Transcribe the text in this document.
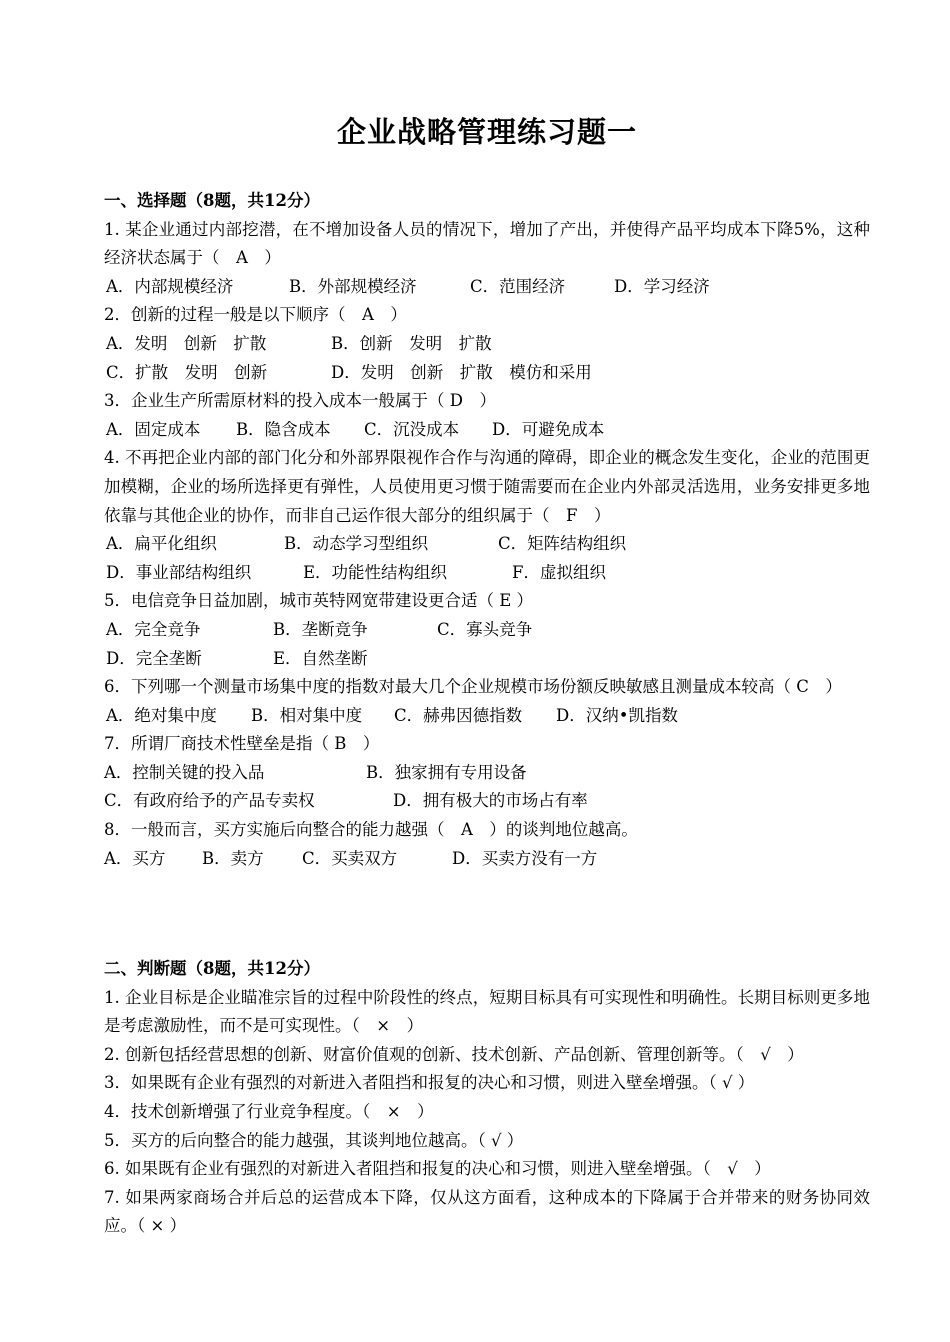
企业战略管理练习题一
一、选择题（8题，共12分）
1. 某企业通过内部挖潜，在不增加设备人员的情况下，增加了产出，并使得产品平均成本下降5%，这种经济状态属于（　A　）
A．内部规模经济	B．外部规模经济	C．范围经济	D．学习经济
2．创新的过程一般是以下顺序（　A　）
A．发明　创新　扩散	B．创新　发明　扩散
C．扩散　发明　创新	D．发明　创新　扩散　模仿和采用
3．企业生产所需原材料的投入成本一般属于（ D　）
A．固定成本	B．隐含成本	C．沉没成本	D．可避免成本
4. 不再把企业内部的部门化分和外部界限视作合作与沟通的障碍，即企业的概念发生变化，企业的范围更加模糊，企业的场所选择更有弹性，人员使用更习惯于随需要而在企业内外部灵活选用，业务安排更多地依靠与其他企业的协作，而非自己运作很大部分的组织属于（　F　）
A．扁平化组织	B．动态学习型组织	C．矩阵结构组织
D．事业部结构组织	E．功能性结构组织	F．虚拟组织
5．电信竞争日益加剧，城市英特网宽带建设更合适（ E ）
A．完全竞争	B．垄断竞争	C．寡头竞争
D．完全垄断	E．自然垄断
6．下列哪一个测量市场集中度的指数对最大几个企业规模市场份额反映敏感且测量成本较高（ C　）
A．绝对集中度	B．相对集中度	C．赫弗因德指数	D．汉纳•凯指数
7．所谓厂商技术性壁垒是指（ B　）
A．控制关键的投入品	B．独家拥有专用设备
C．有政府给予的产品专卖权	D．拥有极大的市场占有率
8．一般而言，买方实施后向整合的能力越强（　A　）的谈判地位越高。
A．买方	B．卖方	C．买卖双方	D．买卖方没有一方
二、判断题（8题，共12分）
1. 企业目标是企业瞄准宗旨的过程中阶段性的终点，短期目标具有可实现性和明确性。长期目标则更多地是考虑激励性，而不是可实现性。（　×　）
2. 创新包括经营思想的创新、财富价值观的创新、技术创新、产品创新、管理创新等。（　√　）
3．如果既有企业有强烈的对新进入者阻挡和报复的决心和习惯，则进入壁垒增强。（ √ ）
4．技术创新增强了行业竞争程度。（　×　）
5．买方的后向整合的能力越强，其谈判地位越高。（ √ ）
6. 如果既有企业有强烈的对新进入者阻挡和报复的决心和习惯，则进入壁垒增强。（　√　）
7. 如果两家商场合并后总的运营成本下降，仅从这方面看，这种成本的下降属于合并带来的财务协同效应。（ × ）
